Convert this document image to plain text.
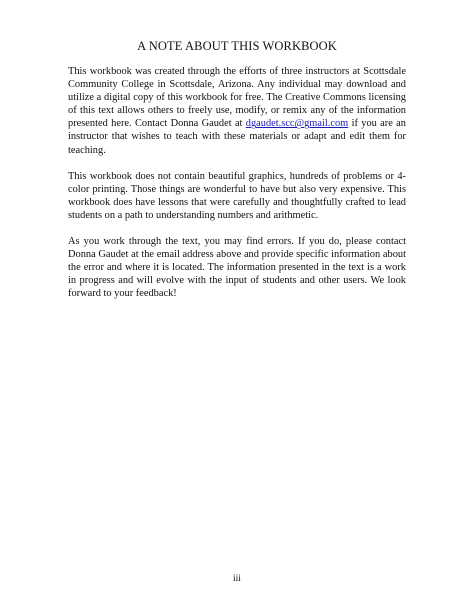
A NOTE ABOUT THIS WORKBOOK

This workbook was created through the efforts of three instructors at Scottsdale Community College in Scottsdale, Arizona. Any individual may download and utilize a digital copy of this workbook for free. The Creative Commons licensing of this text allows others to freely use, modify, or remix any of the information presented here. Contact Donna Gaudet at dgaudet.scc@gmail.com if you are an instructor that wishes to teach with these materials or adapt and edit them for teaching.

This workbook does not contain beautiful graphics, hundreds of problems or 4-color printing. Those things are wonderful to have but also very expensive. This workbook does have lessons that were carefully and thoughtfully crafted to lead students on a path to understanding numbers and arithmetic.

As you work through the text, you may find errors. If you do, please contact Donna Gaudet at the email address above and provide specific information about the error and where it is located. The information presented in the text is a work in progress and will evolve with the input of students and other users. We look forward to your feedback!

iii
